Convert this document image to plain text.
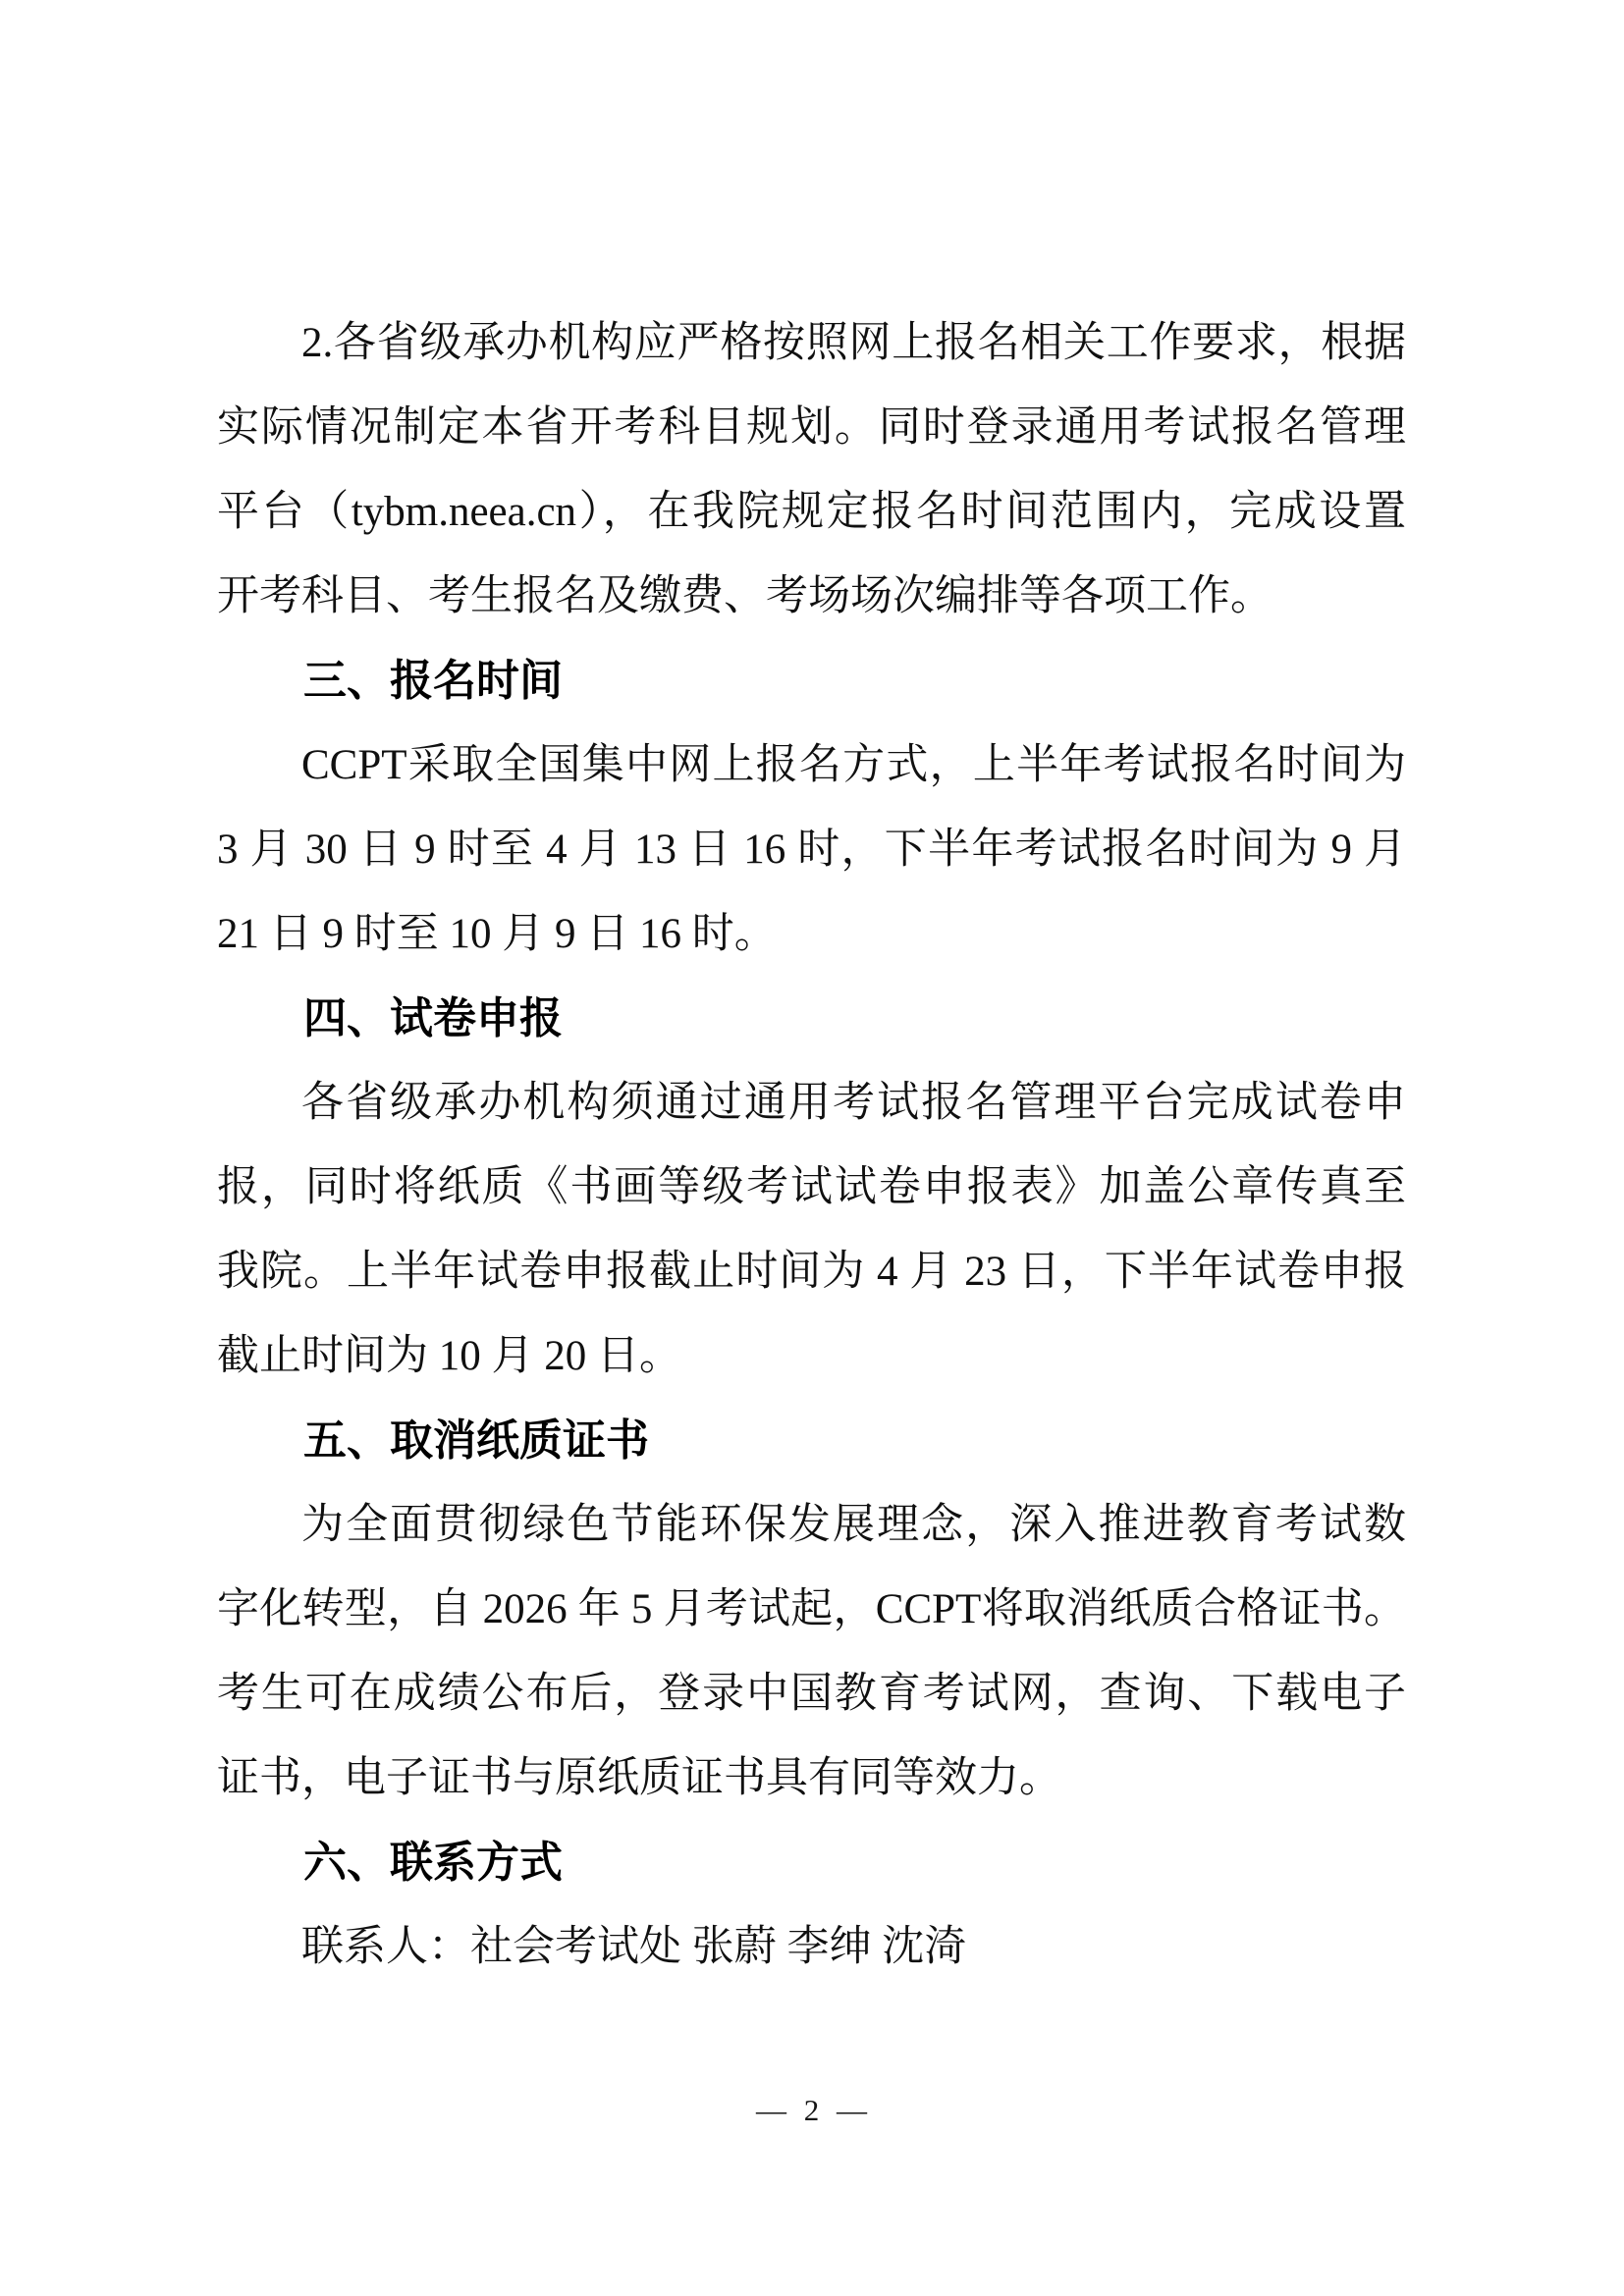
2.各省级承办机构应严格按照网上报名相关工作要求，根据

实际情况制定本省开考科目规划。同时登录通用考试报名管理

平台（tybm.neea.cn），在我院规定报名时间范围内，完成设置

开考科目、考生报名及缴费、考场场次编排等各项工作。

三、报名时间

CCPT采取全国集中网上报名方式，上半年考试报名时间为

3 月 30 日 9 时至 4 月 13 日 16 时，下半年考试报名时间为 9 月

21 日 9 时至 10 月 9 日 16 时。

四、试卷申报

各省级承办机构须通过通用考试报名管理平台完成试卷申

报，同时将纸质《书画等级考试试卷申报表》加盖公章传真至

我院。上半年试卷申报截止时间为 4 月 23 日，下半年试卷申报

截止时间为 10 月 20 日。

五、取消纸质证书

为全面贯彻绿色节能环保发展理念，深入推进教育考试数

字化转型，自 2026 年 5 月考试起，CCPT将取消纸质合格证书。

考生可在成绩公布后，登录中国教育考试网，查询、下载电子

证书，电子证书与原纸质证书具有同等效力。

六、联系方式

联系人：社会考试处 张蔚 李绅 沈渏

— 2 —
